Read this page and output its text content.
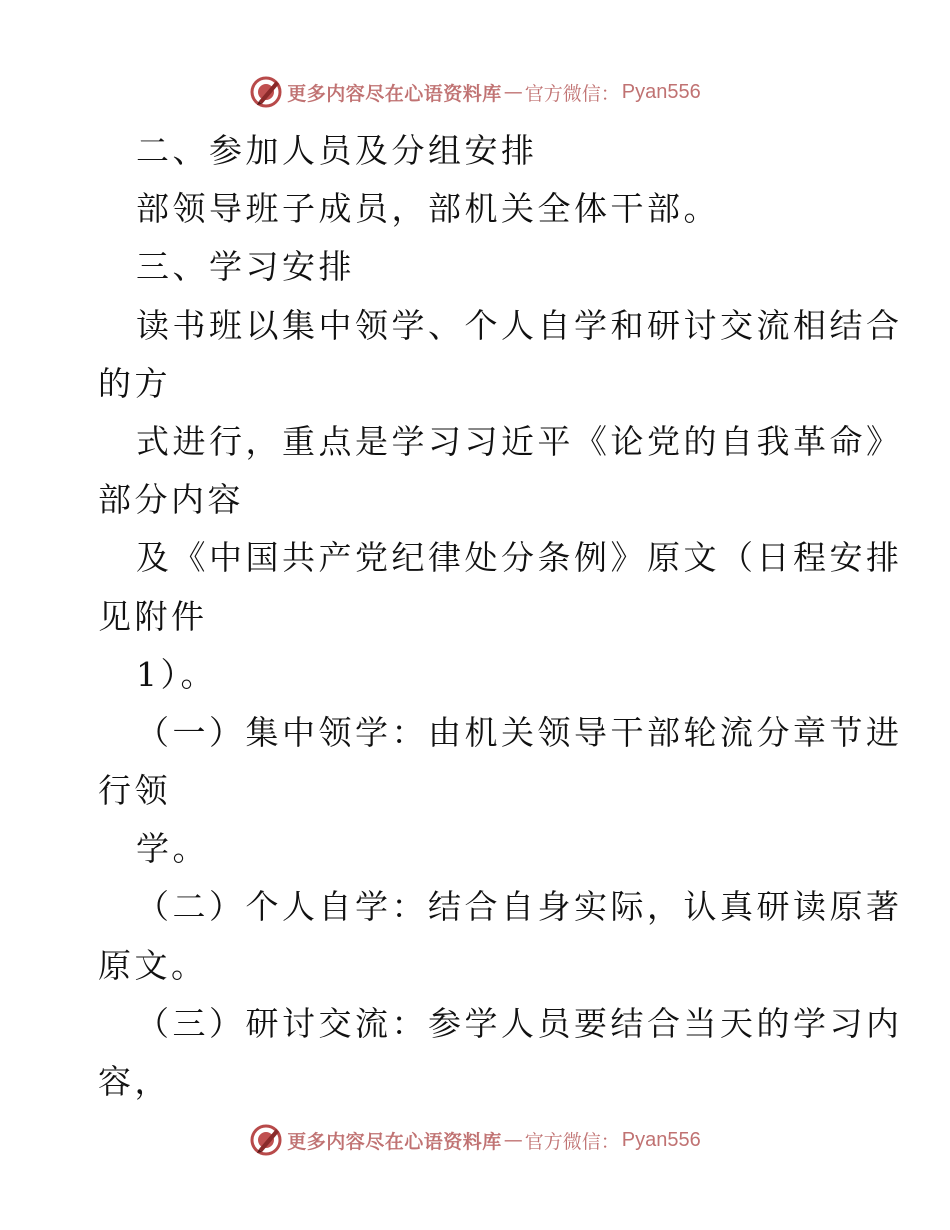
更多内容尽在心语资料库 — 官方微信： Pyan556
二、参加人员及分组安排
部领导班子成员，部机关全体干部。
三、学习安排
读书班以集中领学、个人自学和研讨交流相结合
的方
式进行，重点是学习习近平《论党的自我革命》
部分内容
及《中国共产党纪律处分条例》原文（日程安排
见附件
1）。
（一）集中领学：由机关领导干部轮流分章节进
行领
学。
（二）个人自学：结合自身实际，认真研读原著
原文。
（三）研讨交流：参学人员要结合当天的学习内
容，
更多内容尽在心语资料库 — 官方微信： Pyan556
